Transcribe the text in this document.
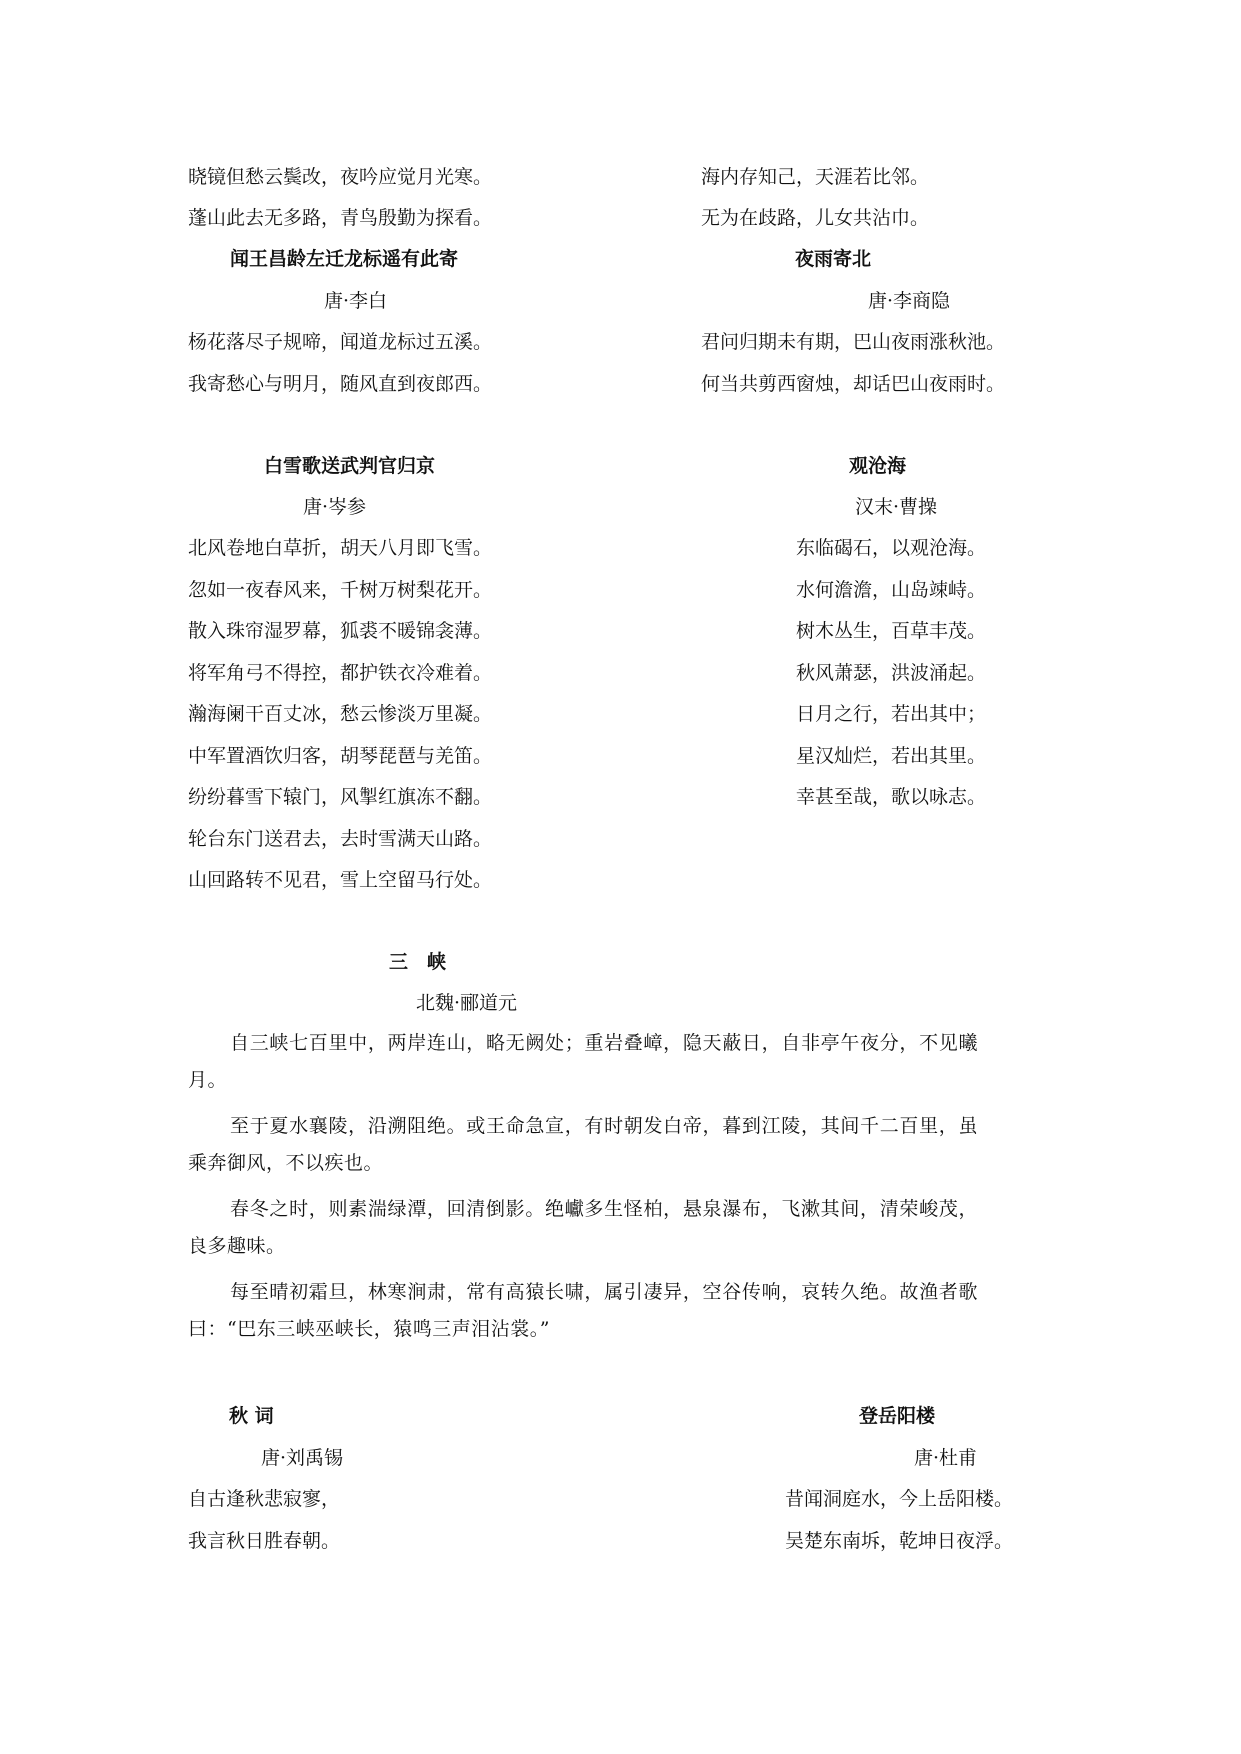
晓镜但愁云鬓改，夜吟应觉月光寒。
蓬山此去无多路，青鸟殷勤为探看。
海内存知己，天涯若比邻。
无为在歧路，儿女共沾巾。
闻王昌龄左迁龙标遥有此寄
唐·李白
杨花落尽子规啼，闻道龙标过五溪。
我寄愁心与明月，随风直到夜郎西。
夜雨寄北
唐·李商隐
君问归期未有期，巴山夜雨涨秋池。
何当共剪西窗烛，却话巴山夜雨时。
白雪歌送武判官归京
唐·岑参
北风卷地白草折，胡天八月即飞雪。
忽如一夜春风来，千树万树梨花开。
散入珠帘湿罗幕，狐裘不暖锦衾薄。
将军角弓不得控，都护铁衣冷难着。
瀚海阑干百丈冰，愁云惨淡万里凝。
中军置酒饮归客，胡琴琵琶与羌笛。
纷纷暮雪下辕门，风掣红旗冻不翻。
轮台东门送君去，去时雪满天山路。
山回路转不见君，雪上空留马行处。
观沧海
汉末·曹操
东临碣石，以观沧海。
水何澹澹，山岛竦峙。
树木丛生，百草丰茂。
秋风萧瑟，洪波涌起。
日月之行，若出其中；
星汉灿烂，若出其里。
幸甚至哉，歌以咏志。
三　峡
北魏·郦道元
自三峡七百里中，两岸连山，略无阙处；重岩叠嶂，隐天蔽日，自非亭午夜分，不见曦月。
至于夏水襄陵，沿溯阻绝。或王命急宣，有时朝发白帝，暮到江陵，其间千二百里，虽乘奔御风，不以疾也。
春冬之时，则素湍绿潭，回清倒影。绝巘多生怪柏，悬泉瀑布，飞漱其间，清荣峻茂，良多趣味。
每至晴初霜旦，林寒涧肃，常有高猿长啸，属引凄异，空谷传响，哀转久绝。故渔者歌曰：“巴东三峡巫峡长，猿鸣三声泪沾裳。”
秋 词
唐·刘禹锡
自古逢秋悲寂寥，
我言秋日胜春朝。
登岳阳楼
唐·杜甫
昔闻洞庭水，今上岳阳楼。
吴楚东南坼，乾坤日夜浮。
